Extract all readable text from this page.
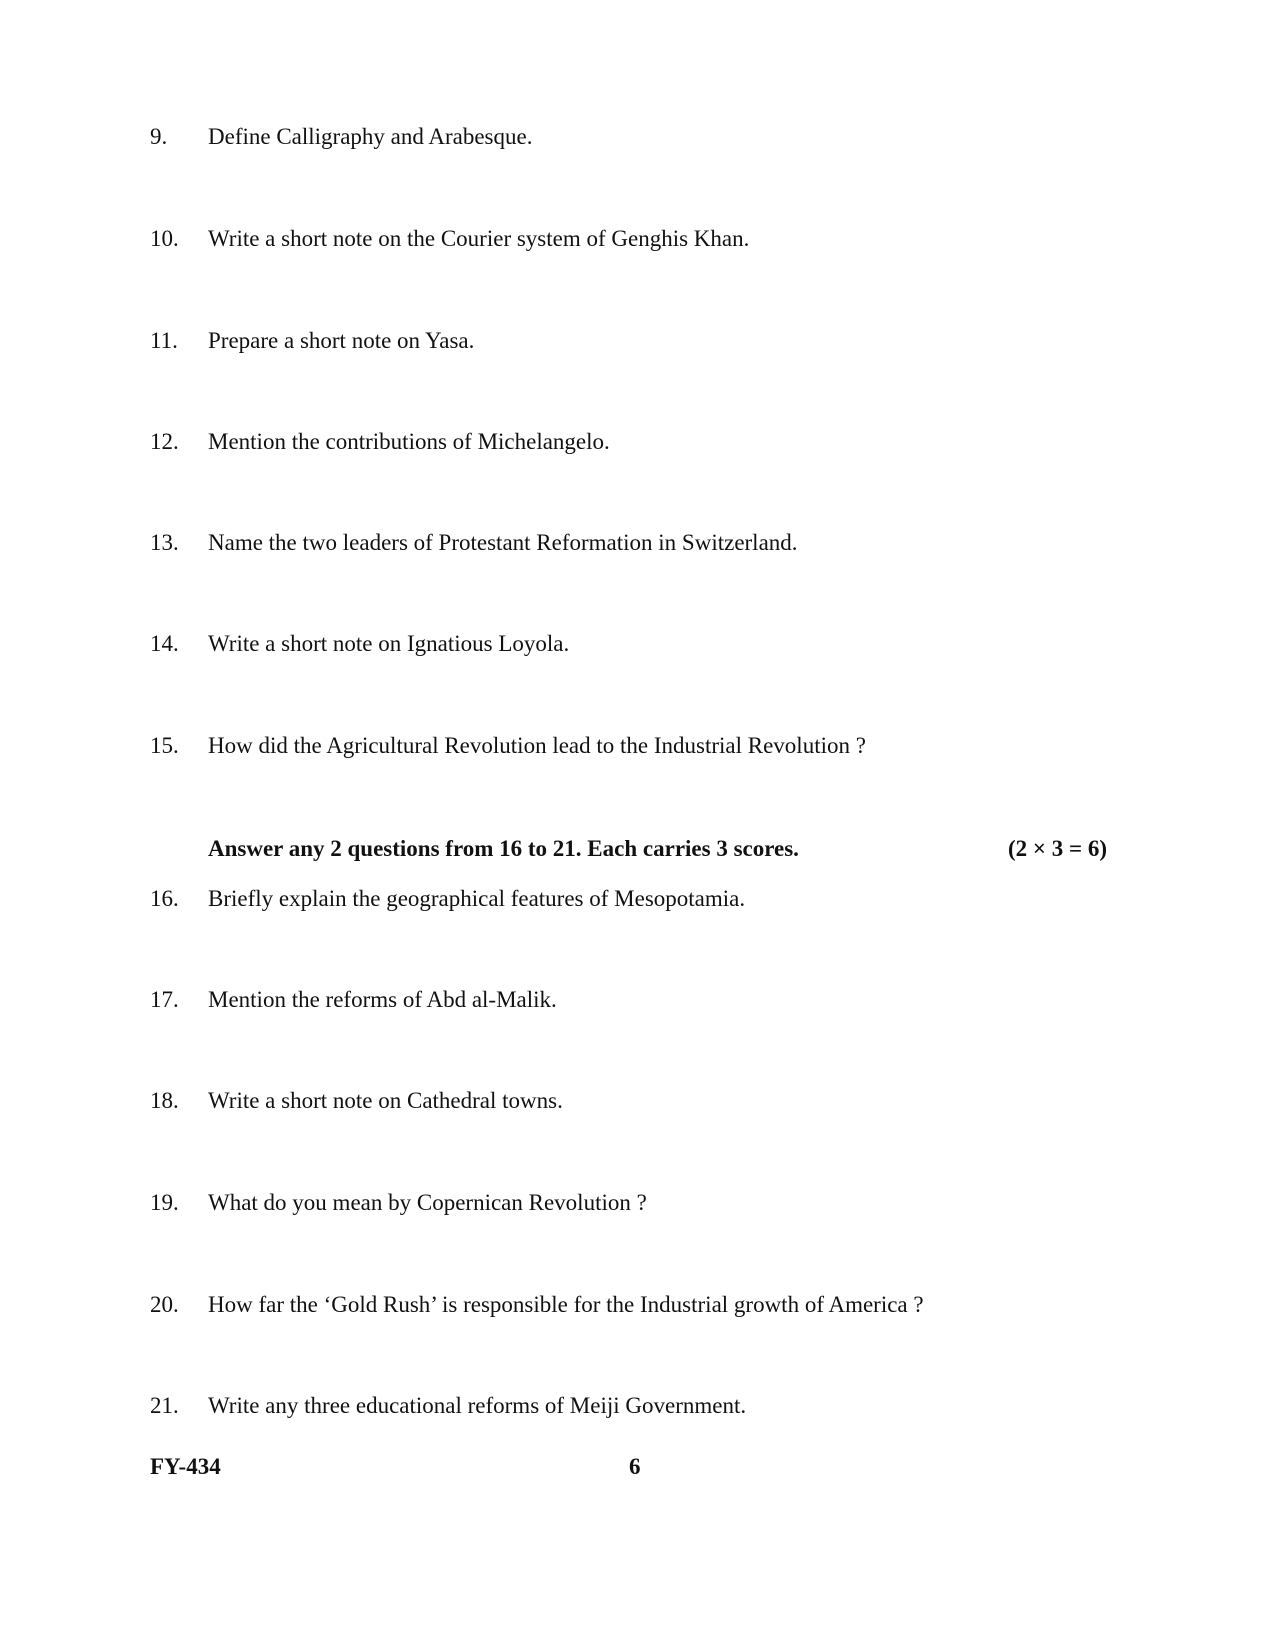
9. Define Calligraphy and Arabesque.
10. Write a short note on the Courier system of Genghis Khan.
11. Prepare a short note on Yasa.
12. Mention the contributions of Michelangelo.
13. Name the two leaders of Protestant Reformation in Switzerland.
14. Write a short note on Ignatious Loyola.
15. How did the Agricultural Revolution lead to the Industrial Revolution ?
Answer any 2 questions from 16 to 21. Each carries 3 scores.	(2 × 3 = 6)
16. Briefly explain the geographical features of Mesopotamia.
17. Mention the reforms of Abd al-Malik.
18. Write a short note on Cathedral towns.
19. What do you mean by Copernican Revolution ?
20. How far the ‘Gold Rush’ is responsible for the Industrial growth of America ?
21. Write any three educational reforms of Meiji Government.
FY-434	6
